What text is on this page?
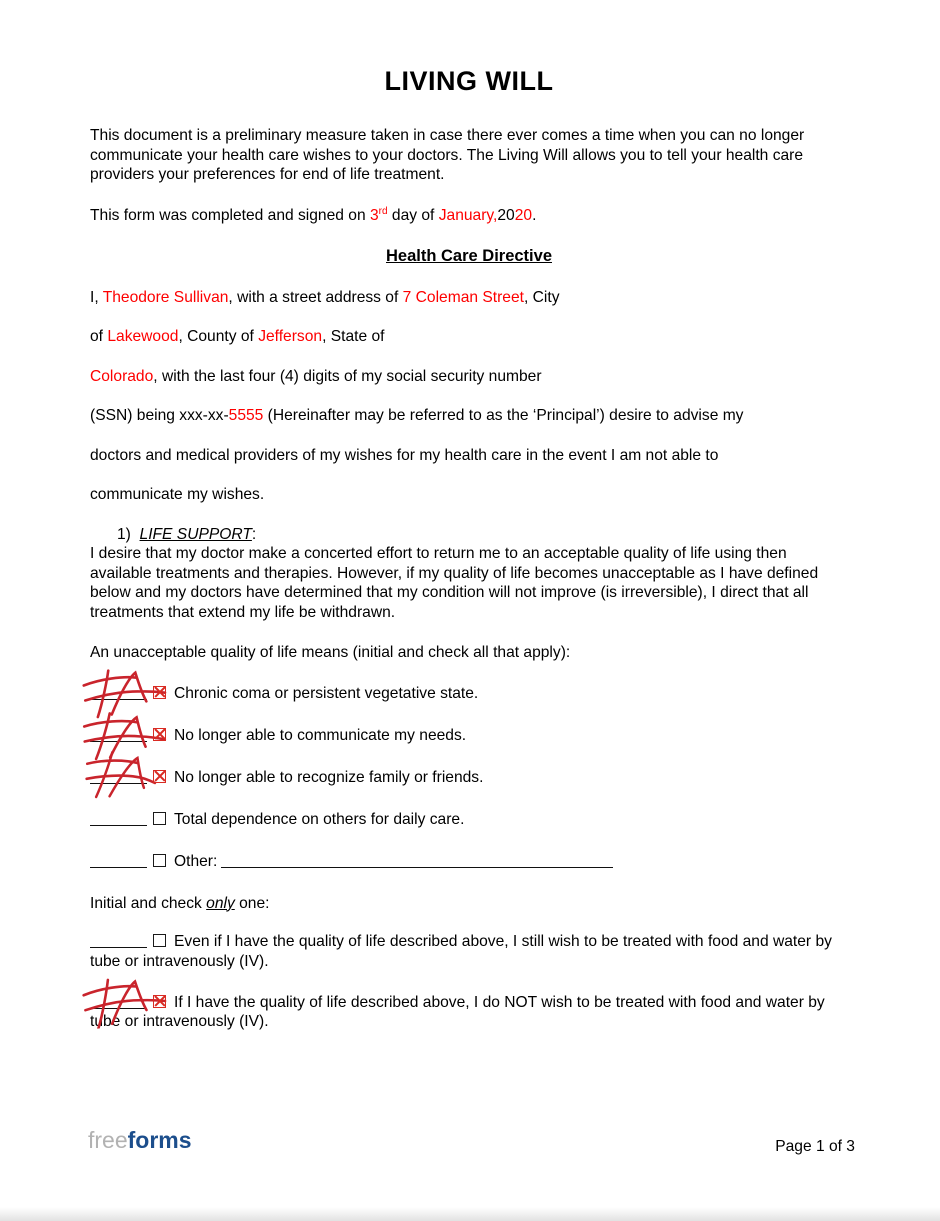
LIVING WILL

This document is a preliminary measure taken in case there ever comes a time when you can no longer communicate your health care wishes to your doctors. The Living Will allows you to tell your health care providers your preferences for end of life treatment.

This form was completed and signed on 3rd day of January,2020.

Health Care Directive
I, Theodore Sullivan, with a street address of 7 Coleman Street, City
of Lakewood, County of Jefferson, State of
Colorado, with the last four (4) digits of my social security number
(SSN) being xxx-xx-5555 (Hereinafter may be referred to as the ‘Principal’) desire to advise my
doctors and medical providers of my wishes for my health care in the event I am not able to
communicate my wishes.
1)  LIFE SUPPORT:

I desire that my doctor make a concerted effort to return me to an acceptable quality of life using then available treatments and therapies. However, if my quality of life becomes unacceptable as I have defined below and my doctors have determined that my condition will not improve (is irreversible), I direct that all treatments that extend my life be withdrawn.

An unacceptable quality of life means (initial and check all that apply):

Chronic coma or persistent vegetative state.
No longer able to communicate my needs.
No longer able to recognize family or friends.
Total dependence on others for daily care.
Other:

Initial and check only one:

Even if I have the quality of life described above, I still wish to be treated with food and water by tube or intravenously (IV).
If I have the quality of life described above, I do NOT wish to be treated with food and water by tube or intravenously (IV).
freeforms	Page 1 of 3
